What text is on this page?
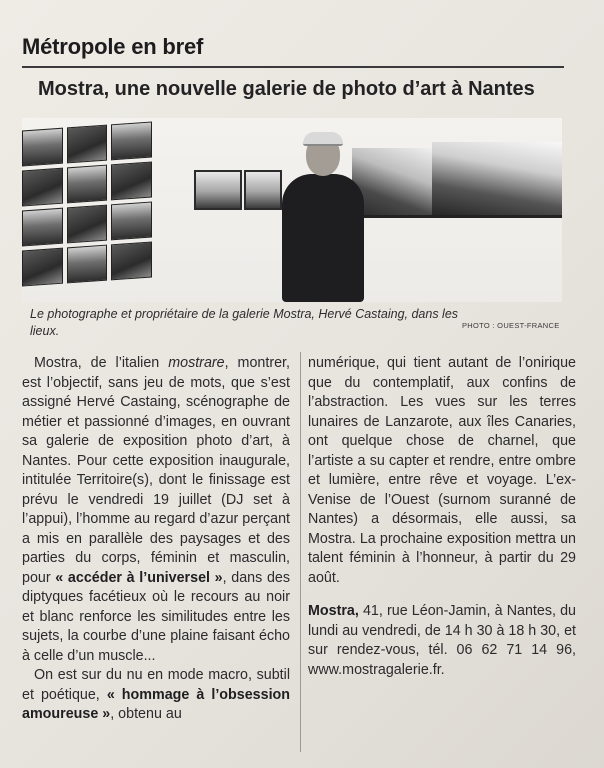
Métropole en bref
Mostra, une nouvelle galerie de photo d’art à Nantes
Le photographe et propriétaire de la galerie Mostra, Hervé Castaing, dans les lieux.	PHOTO : OUEST-FRANCE

Mostra, de l’italien mostrare, montrer, est l’objectif, sans jeu de mots, que s’est assigné Hervé Castaing, scénographe de métier et passionné d’images, en ouvrant sa galerie de exposition photo d’art, à Nantes. Pour cette exposition inaugurale, intitulée Territoire(s), dont le finissage est prévu le vendredi 19 juillet (DJ set à l’appui), l’homme au regard d’azur perçant a mis en parallèle des paysages et des parties du corps, féminin et masculin, pour « accéder à l’universel », dans des diptyques facétieux où le recours au noir et blanc renforce les similitudes entre les sujets, la courbe d’une plaine faisant écho à celle d’un muscle...

On est sur du nu en mode macro, subtil et poétique, « hommage à l’obsession amoureuse », obtenu au

numérique, qui tient autant de l’onirique que du contemplatif, aux confins de l’abstraction. Les vues sur les terres lunaires de Lanzarote, aux îles Canaries, ont quelque chose de charnel, que l’artiste a su capter et rendre, entre ombre et lumière, entre rêve et voyage. L’ex-Venise de l’Ouest (surnom suranné de Nantes) a désormais, elle aussi, sa Mostra. La prochaine exposition mettra un talent féminin à l’honneur, à partir du 29 août.

Mostra, 41, rue Léon-Jamin, à Nantes, du lundi au vendredi, de 14 h 30 à 18 h 30, et sur rendez-vous, tél. 06 62 71 14 96, www.mostragalerie.fr.
